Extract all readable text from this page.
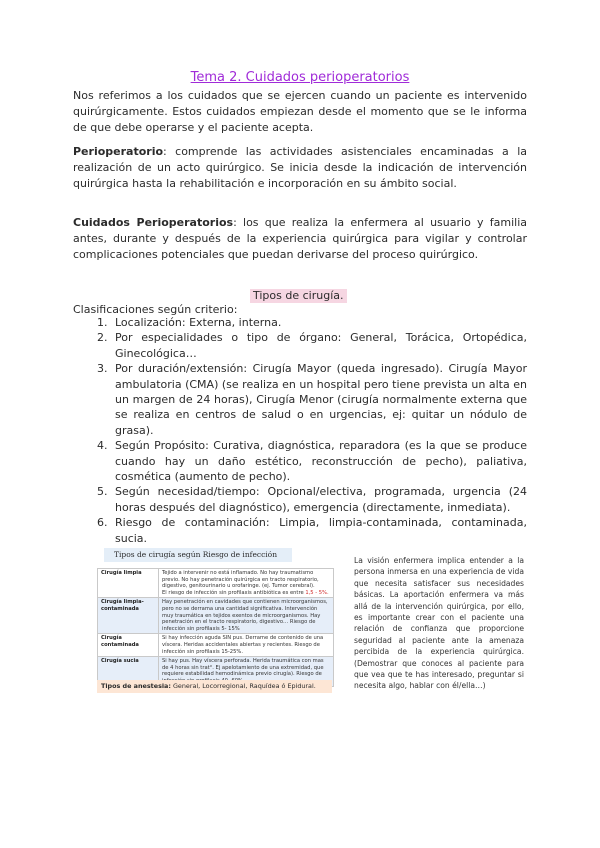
Tema 2. Cuidados perioperatorios
Nos referimos a los cuidados que se ejercen cuando un paciente es intervenido quirúrgicamente. Estos cuidados empiezan desde el momento que se le informa de que debe operarse y el paciente acepta.
Perioperatorio: comprende las actividades asistenciales encaminadas a la realización de un acto quirúrgico. Se inicia desde la indicación de intervención quirúrgica hasta la rehabilitación e incorporación en su ámbito social.
Cuidados Perioperatorios: los que realiza la enfermera al usuario y familia antes, durante y después de la experiencia quirúrgica para vigilar y controlar complicaciones potenciales que puedan derivarse del proceso quirúrgico.
Tipos de cirugía.
Clasificaciones según criterio:
1. Localización: Externa, interna.
2. Por especialidades o tipo de órgano: General, Torácica, Ortopédica, Ginecológica…
3. Por duración/extensión: Cirugía Mayor (queda ingresado). Cirugía Mayor ambulatoria (CMA) (se realiza en un hospital pero tiene prevista un alta en un margen de 24 horas), Cirugía Menor (cirugía normalmente externa que se realiza en centros de salud o en urgencias, ej: quitar un nódulo de grasa).
4. Según Propósito: Curativa, diagnóstica, reparadora (es la que se produce cuando hay un daño estético, reconstrucción de pecho), paliativa, cosmética (aumento de pecho).
5. Según necesidad/tiempo: Opcional/electiva, programada, urgencia (24 horas después del diagnóstico), emergencia (directamente, inmediata).
6. Riesgo de contaminación: Limpia, limpia-contaminada, contaminada, sucia.
Tipos de cirugía según Riesgo de infección
Cirugía limpia	Tejido a intervenir no está inflamado. No hay traumatismo previo. No hay penetración quirúrgica en tracto respiratorio, digestivo, genitourinario u orofaringe. (ej. Tumor cerebral).
El riesgo de infección sin profilaxis antibiótica es entre 1,5 - 5%.
Cirugía limpia-contaminada	Hay penetración en cavidades que contienen microorganismos, pero no se derrama una cantidad significativa. Intervención muy traumática en tejidos exentos de microorganismos. Hay penetración en el tracto respiratorio, digestivo… Riesgo de infección sin profilaxis 5- 15%
Cirugía contaminada	Si hay infección aguda SIN pus. Derrame de contenido de una víscera. Heridas accidentales abiertas y recientes. Riesgo de infección sin profilaxis 15-25%.
Cirugía sucia	Si hay pus. Hay víscera perforada. Herida traumática con mas de 4 horas sin trat°. Ej apelotamiento de una extremidad, que requiere estabilidad hemodinámica previo cirugía). Riesgo de
Tipos de anestesia: General, Locorregional, Raquídea ó Epidural.
La visión enfermera implica entender a la persona inmersa en una experiencia de vida que necesita satisfacer sus necesidades básicas. La aportación enfermera va más allá de la intervención quirúrgica, por ello, es importante crear con el paciente una relación de confianza que proporcione seguridad al paciente ante la amenaza percibida de la experiencia quirúrgica. (Demostrar que conoces al paciente para que vea que te has interesado, preguntar si necesita algo, hablar con él/ella…)
